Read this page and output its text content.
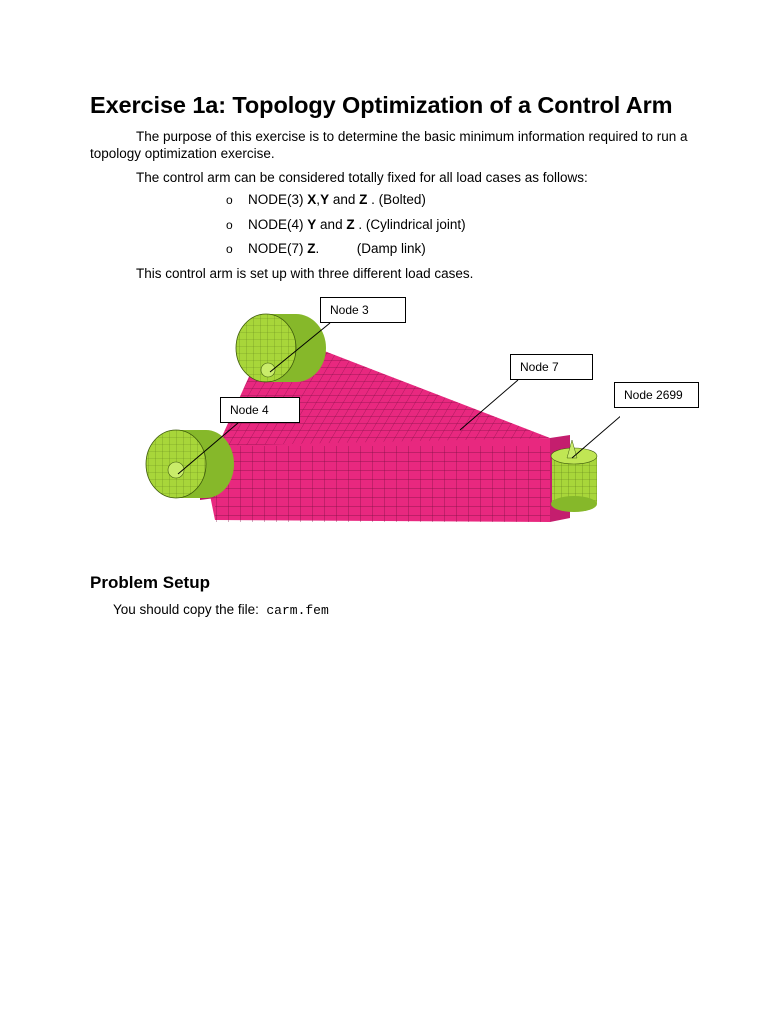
Exercise 1a: Topology Optimization of a Control Arm

The purpose of this exercise is to determine the basic minimum information required to run a topology optimization exercise.

The control arm can be considered totally fixed for all load cases as follows:

o NODE(3) X,Y and Z . (Bolted)
o NODE(4) Y and Z . (Cylindrical joint)
o NODE(7) Z.          (Damp link)

This control arm is set up with three different load cases.

Node 3
Node 7
Node 4
Node 2699
Problem Setup

You should copy the file: carm.fem
